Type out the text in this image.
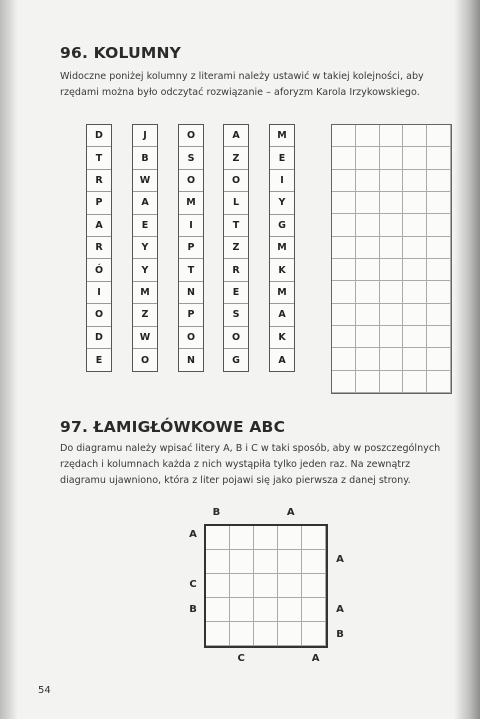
96. KOLUMNY

Widoczne poniżej kolumny z literami należy ustawić w takiej kolejności, aby

rzędami można było odczytać rozwiązanie – aforyzm Karola Irzykowskiego.

D
T
R
P
A
R
Ó
I
O
D
E
J
B
W
A
E
Y
Y
M
Z
W
O
O
S
O
M
I
P
T
N
P
O
N
A
Z
O
L
T
Z
R
E
S
O
G
M
E
I
Y
G
M
K
M
A
K
A
97. ŁAMIGŁÓWKOWE ABC

Do diagramu należy wpisać litery A, B i C w taki sposób, aby w poszczególnych

rzędach i kolumnach każda z nich wystąpiła tylko jeden raz. Na zewnątrz

diagramu ujawniono, która z liter pojawi się jako pierwsza z danej strony.

B
A
C
A
C
A
B	A
A
B
54
